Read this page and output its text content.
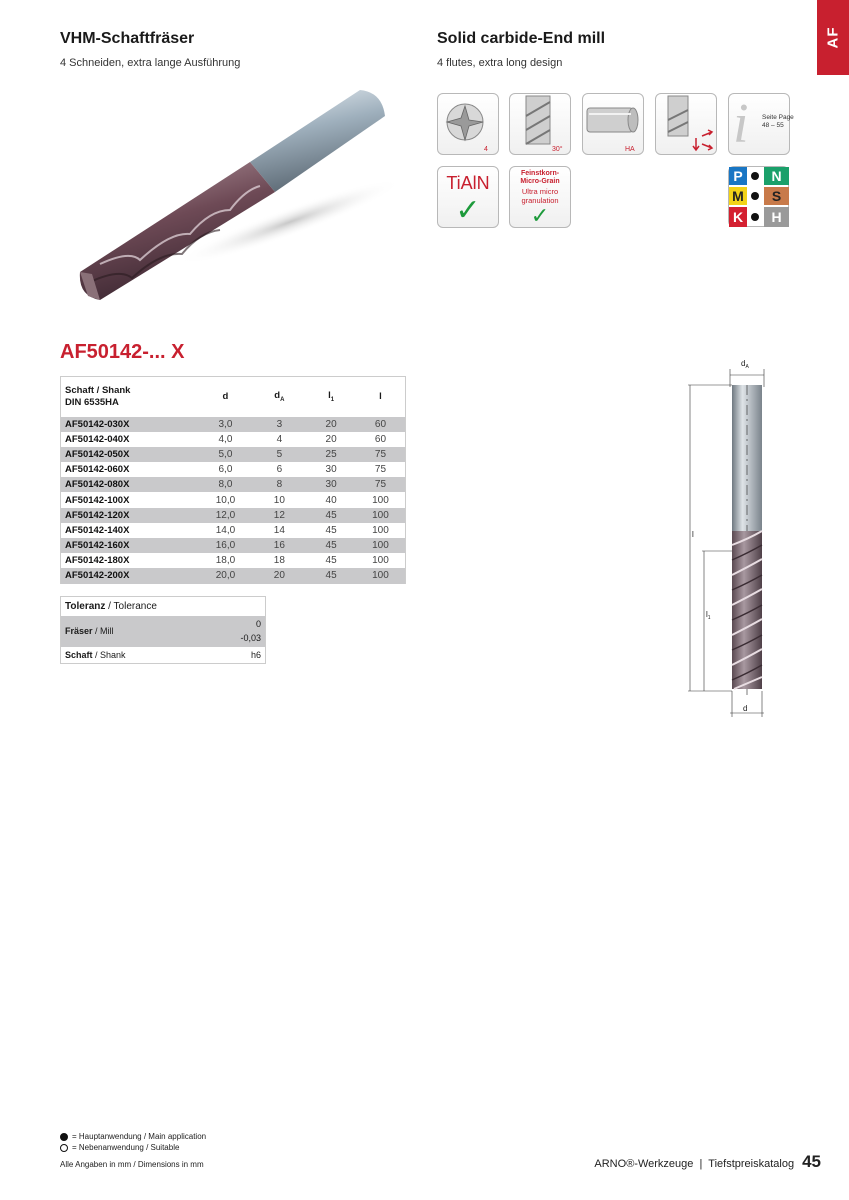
AF
VHM-Schaftfräser
4 Schneiden, extra lange Ausführung
Solid carbide-End mill
4 flutes, extra long design
4	30°	HA i Seite Page
48 – 55
TiAlN
✓
Feinstkorn-
Micro-Grain
Ultra micro
granulation
✓
P	N
M	S
K	H
AF50142-... X
Schaft / Shank
DIN 6535HA	d	$d_A$	$l_1$	l
AF50142-030X	3,0	3	20	60
AF50142-040X	4,0	4	20	60
AF50142-050X	5,0	5	25	75
AF50142-060X	6,0	6	30	75
AF50142-080X	8,0	8	30	75
AF50142-100X	10,0	10	40	100
AF50142-120X	12,0	12	45	100
AF50142-140X	14,0	14	45	100
AF50142-160X	16,0	16	45	100
AF50142-180X	18,0	18	45	100
AF50142-200X	20,0	20	45	100
Toleranz / Tolerance
Fräser / Mill
0
-0,03
Schaft / Shank	h6
$d_A$
l
$l_1$
d
= Hauptanwendung / Main application
= Nebenanwendung / Suitable
Alle Angaben in mm / Dimensions in mm	ARNO ®-Werkzeuge  |  Tiefstpreiskatalog 45
